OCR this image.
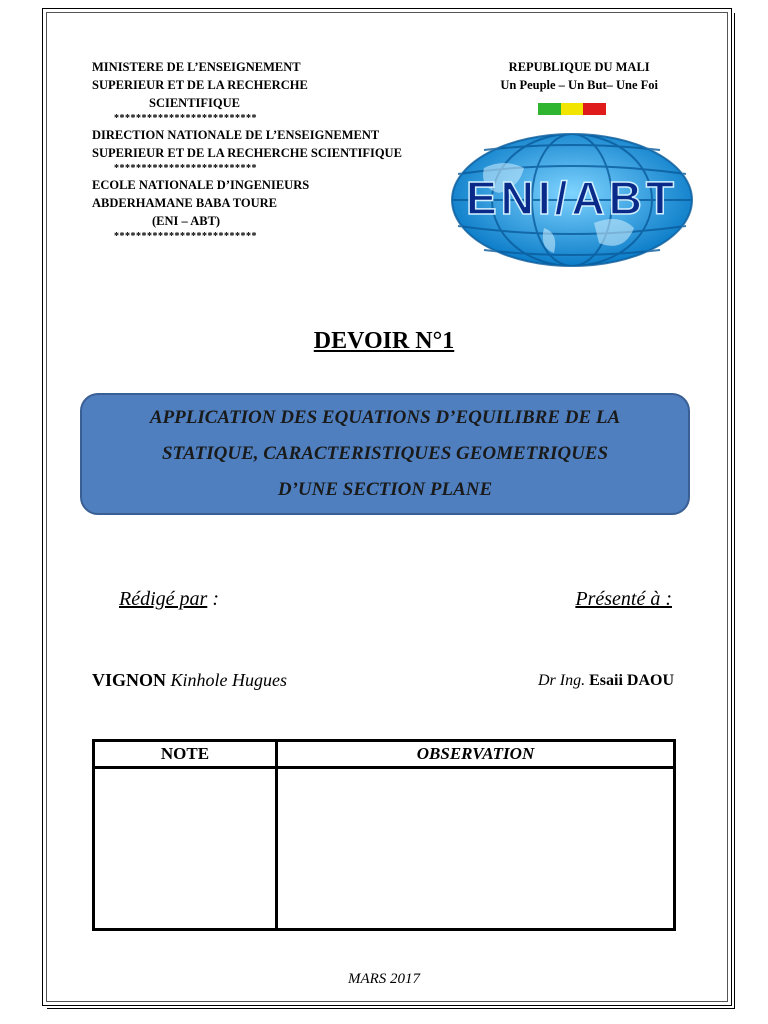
MINISTERE DE L’ENSEIGNEMENT
SUPERIEUR ET DE LA RECHERCHE
SCIENTIFIQUE
**************************
DIRECTION NATIONALE DE L’ENSEIGNEMENT
SUPERIEUR ET DE LA RECHERCHE SCIENTIFIQUE
**************************
ECOLE NATIONALE D’INGENIEURS
ABDERHAMANE BABA TOURE
(ENI – ABT)
**************************
REPUBLIQUE DU MALI
Un Peuple – Un But– Une Foi
ENI/ABT
DEVOIR N°1
APPLICATION DES EQUATIONS D’EQUILIBRE DE LA
STATIQUE, CARACTERISTIQUES GEOMETRIQUES
D’UNE SECTION PLANE
Rédigé par :	Présenté à :
VIGNON Kinhole Hugues	Dr Ing. Esaii DAOU
NOTE	OBSERVATION

MARS 2017
